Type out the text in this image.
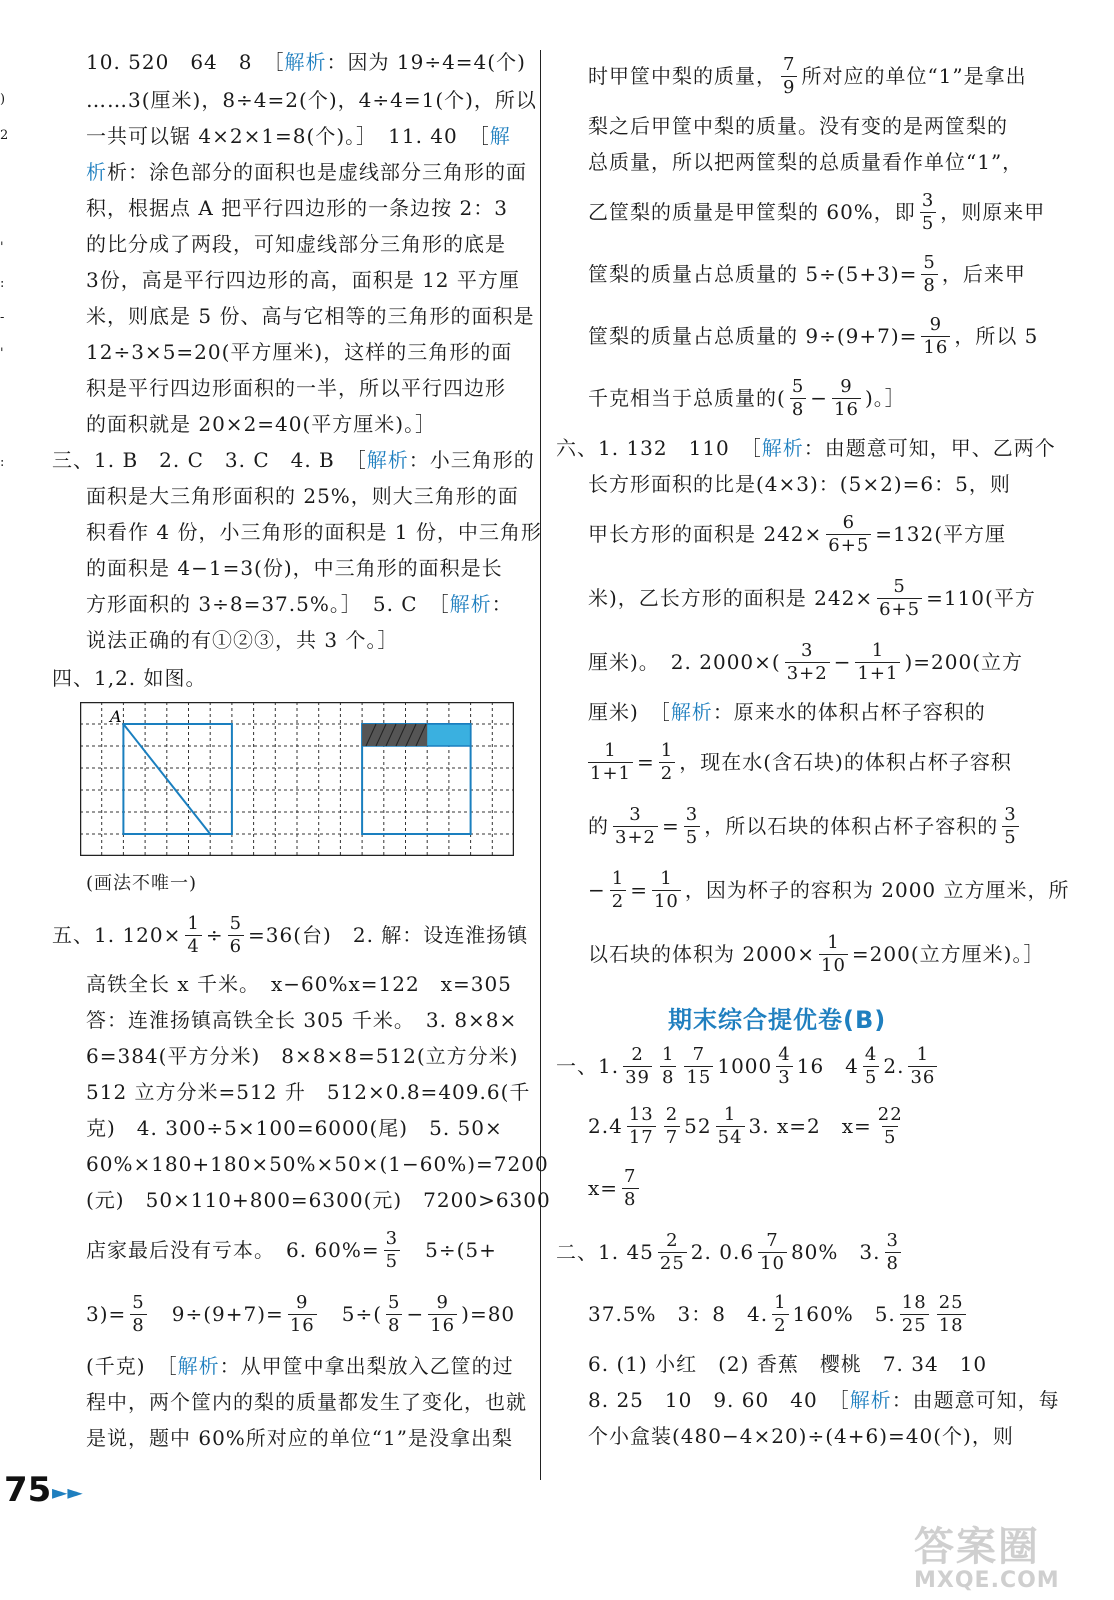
)
2
'
:
-
'
:
10. 520　64　8　［解析：因为 19÷4=4(个)
……3(厘米)，8÷4=2(个)，4÷4=1(个)，所以
一共可以锯 4×2×1=8(个)。］　11. 40　［解
析析：涂色部分的面积也是虚线部分三角形的面
积，根据点 A 把平行四边形的一条边按 2：3
的比分成了两段，可知虚线部分三角形的底是
3份，高是平行四边形的高，面积是 12 平方厘
米，则底是 5 份、高与它相等的三角形的面积是
12÷3×5=20(平方厘米)，这样的三角形的面
积是平行四边形面积的一半，所以平行四边形
的面积就是 20×2=40(平方厘米)。］
三、1. B　2. C　3. C　4. B　［解析：小三角形的
面积是大三角形面积的 25%，则大三角形的面
积看作 4 份，小三角形的面积是 1 份，中三角形
的面积是 4−1=3(份)，中三角形的面积是长
方形面积的 3÷8=37.5%。］　5. C　［解析：
说法正确的有①②③，共 3 个。］
四、1,2. 如图。
A
(画法不唯一)
五、1. $120\times \frac{1}{4} \div \frac{5}{6} =36$(台)　2. 解：设连淮扬镇
高铁全长 x 千米。　x−60%x=122　x=305
答：连淮扬镇高铁全长 305 千米。　3. 8×8×
6=384(平方分米)　8×8×8=512(立方分米)
512 立方分米=512 升　512×0.8=409.6(千
克)　4. 300÷5×100=6000(尾)　5. 50×
60%×180+180×50%×50×(1−60%)=7200
(元)　50×110+800=6300(元)　7200>6300
店家最后没有亏本。　6. $60\%= \frac{3}{5}$ 　5÷(5+
$3)= \frac{5}{8}$ 　$9\div(9+7)= \frac{9}{16}$ 　$5\div( \frac{5}{8} - \frac{9}{16} )=80$
(千克)　［解析：从甲筐中拿出梨放入乙筐的过
程中，两个筐内的梨的质量都发生了变化，也就
是说，题中 60%所对应的单位“1”是没拿出梨
时甲筐中梨的质量， $\frac{7}{9}$ 所对应的单位“1”是拿出
梨之后甲筐中梨的质量。没有变的是两筐梨的
总质量，所以把两筐梨的总质量看作单位“1”，
乙筐梨的质量是甲筐梨的 60%，即 $\frac{3}{5}$ ，则原来甲
筐梨的质量占总质量的 $5\div(5+3)= \frac{5}{8}$ ，后来甲
筐梨的质量占总质量的 $9\div(9+7)= \frac{9}{16}$ ，所以 5
千克相当于总质量的( $\frac{5}{8} - \frac{9}{16}$ )。］
六、1. 132　110　［解析：由题意可知，甲、乙两个
长方形面积的比是(4×3)：(5×2)=6：5，则
甲长方形的面积是 $242\times \frac{6}{6+5} =132$(平方厘
米)，乙长方形的面积是 $242\times \frac{5}{6+5} =110$(平方
厘米)。　2. $2000\times( \frac{3}{3+2} - \frac{1}{1+1} )=200$(立方
厘米)　［解析：原来水的体积占杯子容积的
$\frac{1}{1+1} = \frac{1}{2}$ ，现在水(含石块)的体积占杯子容积
的 $\frac{3}{3+2} = \frac{3}{5}$ ，所以石块的体积占杯子容积的 $\frac{3}{5}$
− $\frac{1}{2} = \frac{1}{10}$ ，因为杯子的容积为 2000 立方厘米，所
以石块的体积为 $2000\times \frac{1}{10} =200$(立方厘米)。］
期末综合提优卷(B)
一、1. $\frac{2}{39} \frac{1}{8} \frac{7}{15} 1000 \frac{4}{3} 16$　$4 \frac{4}{5} 2$. $\frac{1}{36}$
$2.4 \frac{13}{17} \frac{2}{7} 52 \frac{1}{54} 3$. x=2　$x= \frac{22}{5}$
$x= \frac{7}{8}$
二、1. $45 \frac{2}{25} 2$. $0.6 \frac{7}{10} 80\%$　3. $\frac{3}{8}$
37.5%　3：8　4. $\frac{1}{2} 160\%$　5. $\frac{18}{25} \frac{25}{18}$
6. (1) 小红　(2) 香蕉　樱桃　7. 34　10
8. 25　10　9. 60　40　［解析：由题意可知，每
个小盒装(480−4×20)÷(4+6)=40(个)，则
75 ►►
答案圈
MXQE.COM
